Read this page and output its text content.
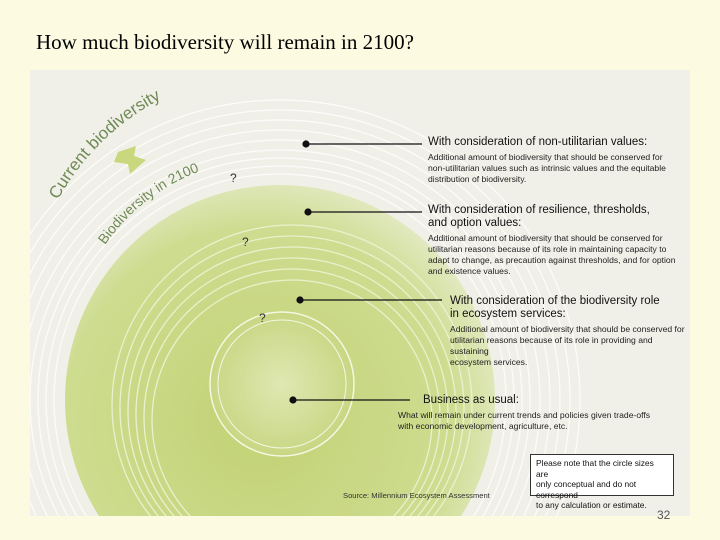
How much biodiversity will remain in 2100?
Current biodiversity
Biodiversity in 2100
?
?
?
With consideration of non-utilitarian values:
Additional amount of biodiversity that should be conserved for
non-utilitarian values such as intrinsic values and the equitable
distribution of biodiversity.
With consideration of resilience, thresholds,
and option values:
Additional amount of biodiversity that should be conserved for
utilitarian reasons because of its role in maintaining capacity to
adapt to change, as precaution against thresholds, and for option
and existence values.
With consideration of the biodiversity role
in ecosystem services:
Additional amount of biodiversity that should be conserved for
utilitarian reasons because of its role in providing and sustaining
ecosystem services.
Business as usual:
What will remain under current trends and policies given trade-offs
with economic development, agriculture, etc.
Please note that the circle sizes are
only conceptual and do not correspond
to any calculation or estimate.
Source: Millennium Ecosystem Assessment
32
